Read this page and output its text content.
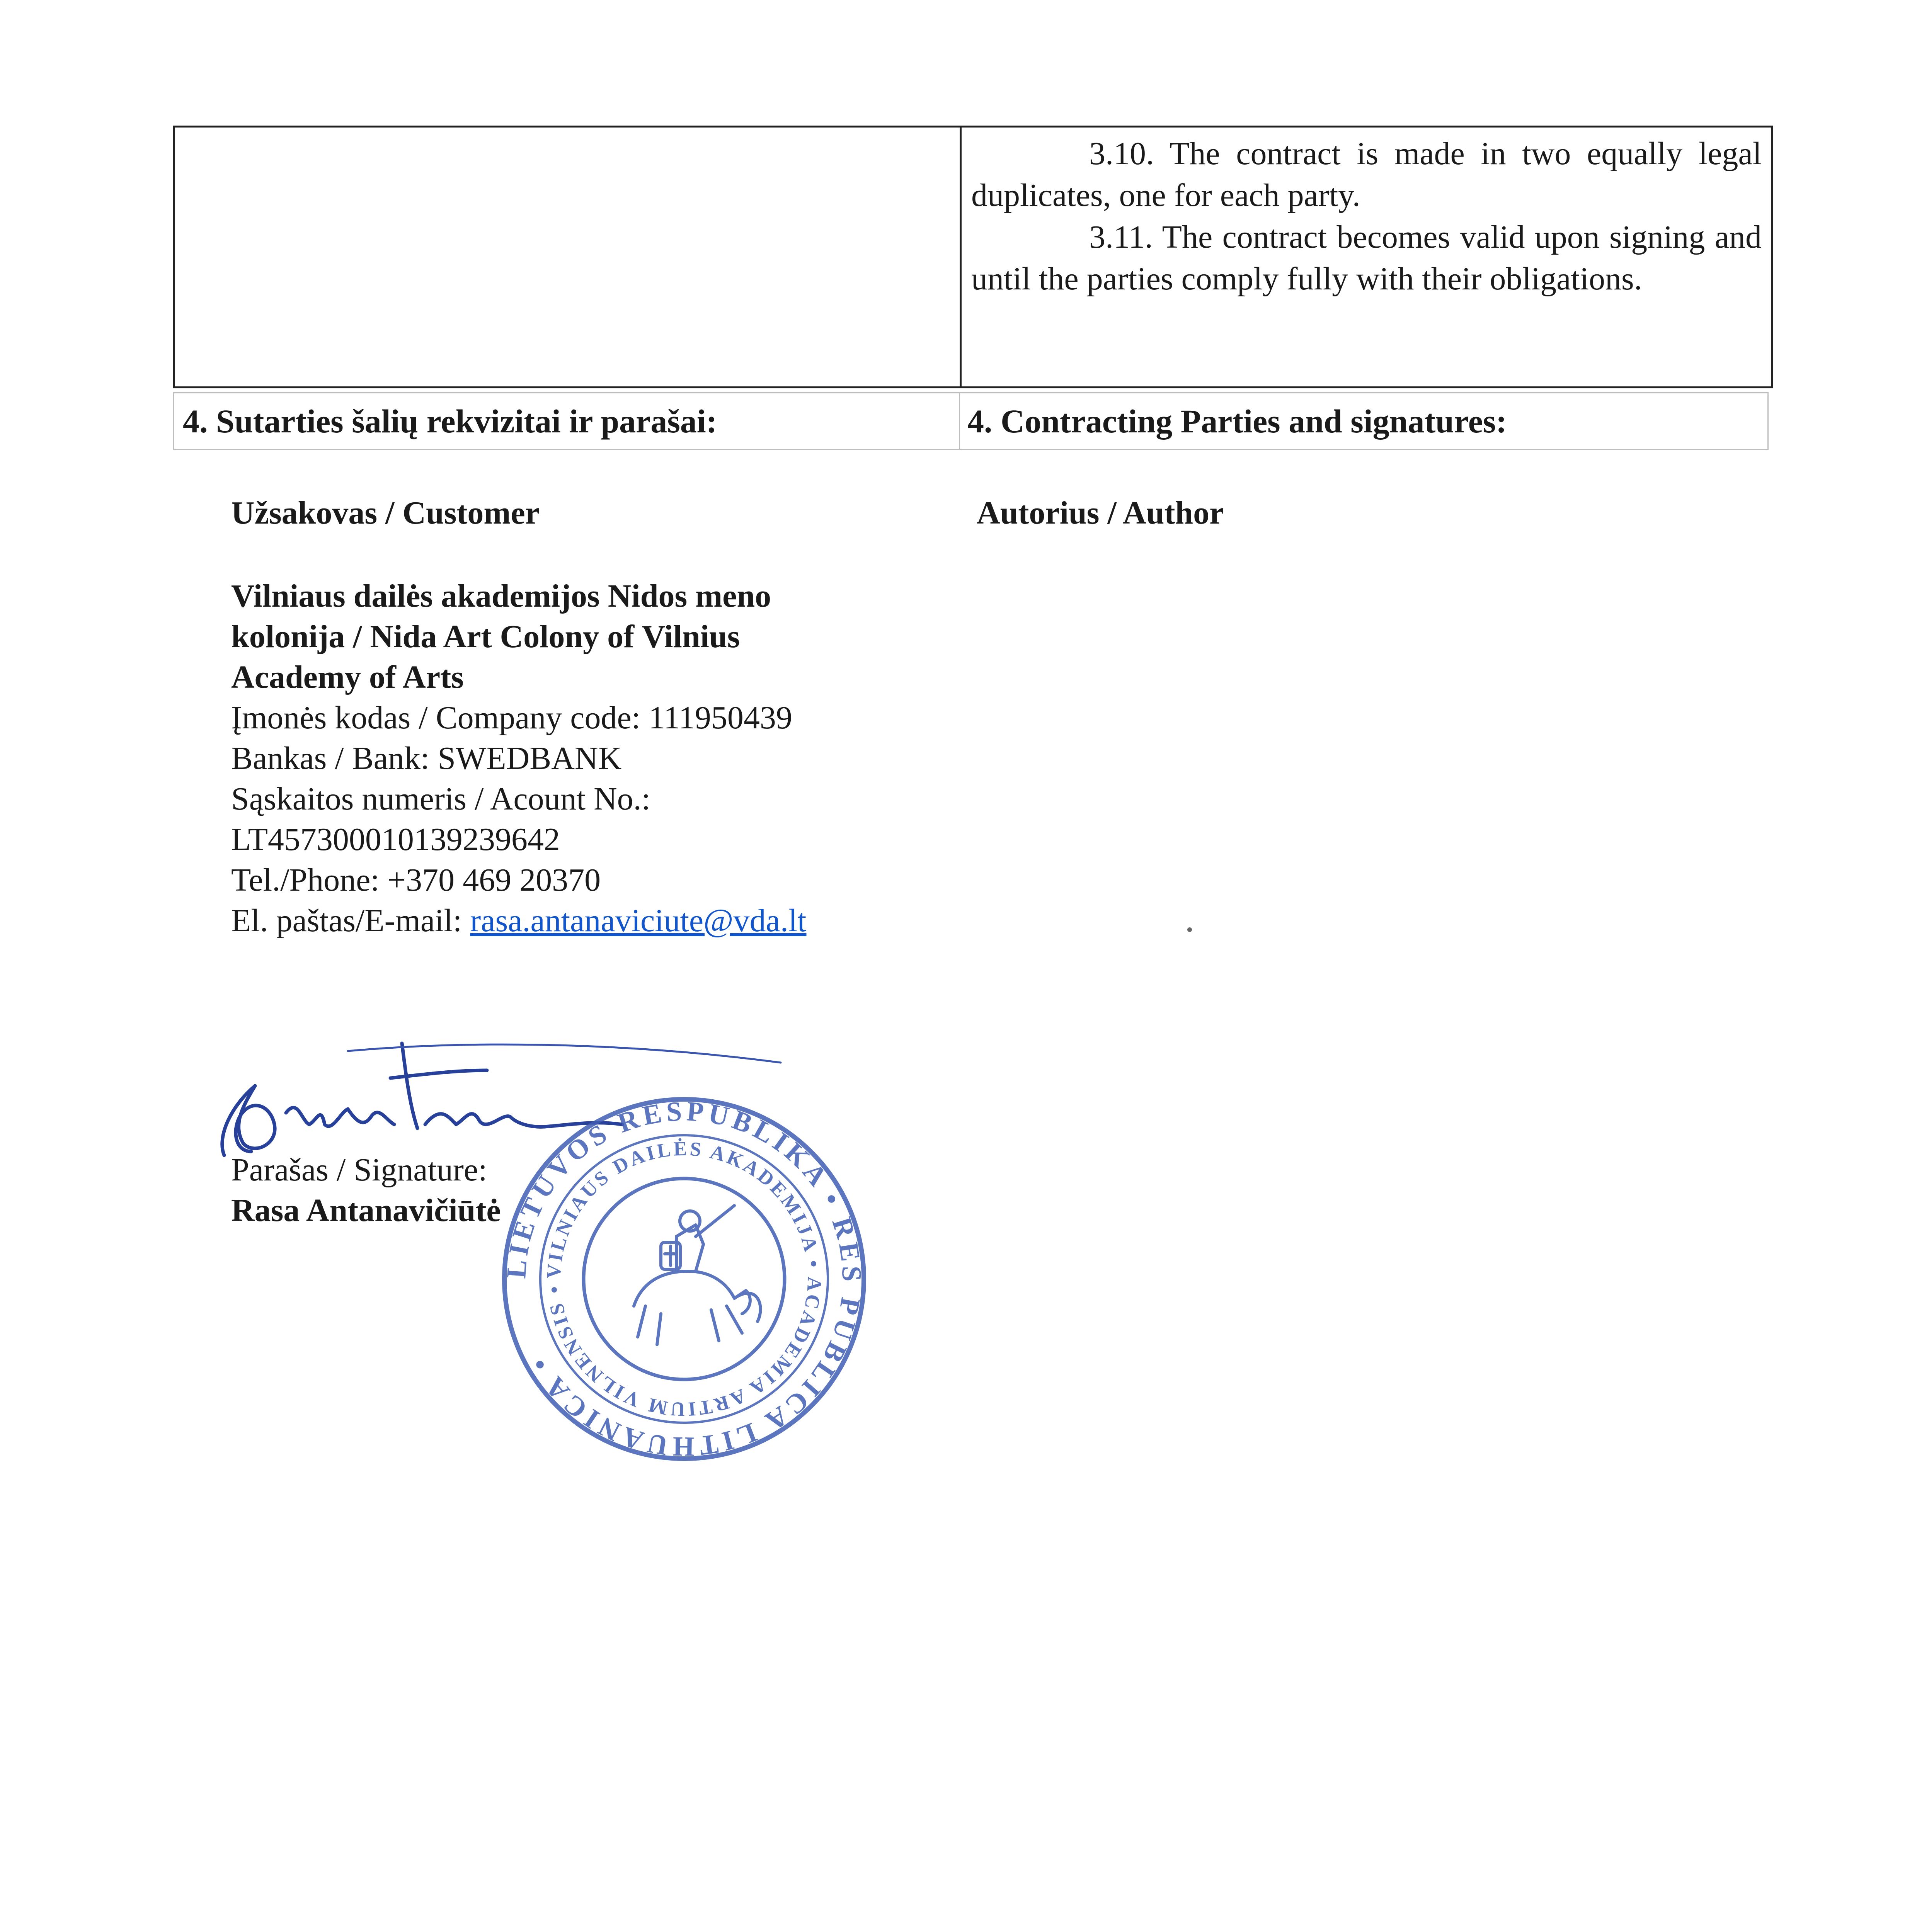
3.10. The contract is made in two equally legal duplicates, one for each party.

3.11. The contract becomes valid upon signing and until the parties comply fully with their obligations.

4. Sutarties šalių rekvizitai ir parašai:	4. Contracting Parties and signatures:
Užsakovas / Customer	Autorius / Author
Vilniaus dailės akademijos Nidos meno
kolonija / Nida Art Colony of Vilnius
Academy of Arts
Įmonės kodas / Company code: 111950439
Bankas / Bank: SWEDBANK
Sąskaitos numeris / Acount No.:
LT457300010139239642
Tel./Phone: +370 469 20370
El. paštas/E-mail: rasa.antanaviciute@vda.lt
Parašas / Signature:
Rasa Antanavičiūtė
LIETUVOS RESPUBLIKA • RES PUBLICA LITHUANICA •
VILNIAUS DAILĖS AKADEMIJA • ACADEMIA ARTIUM VILNENSIS •
